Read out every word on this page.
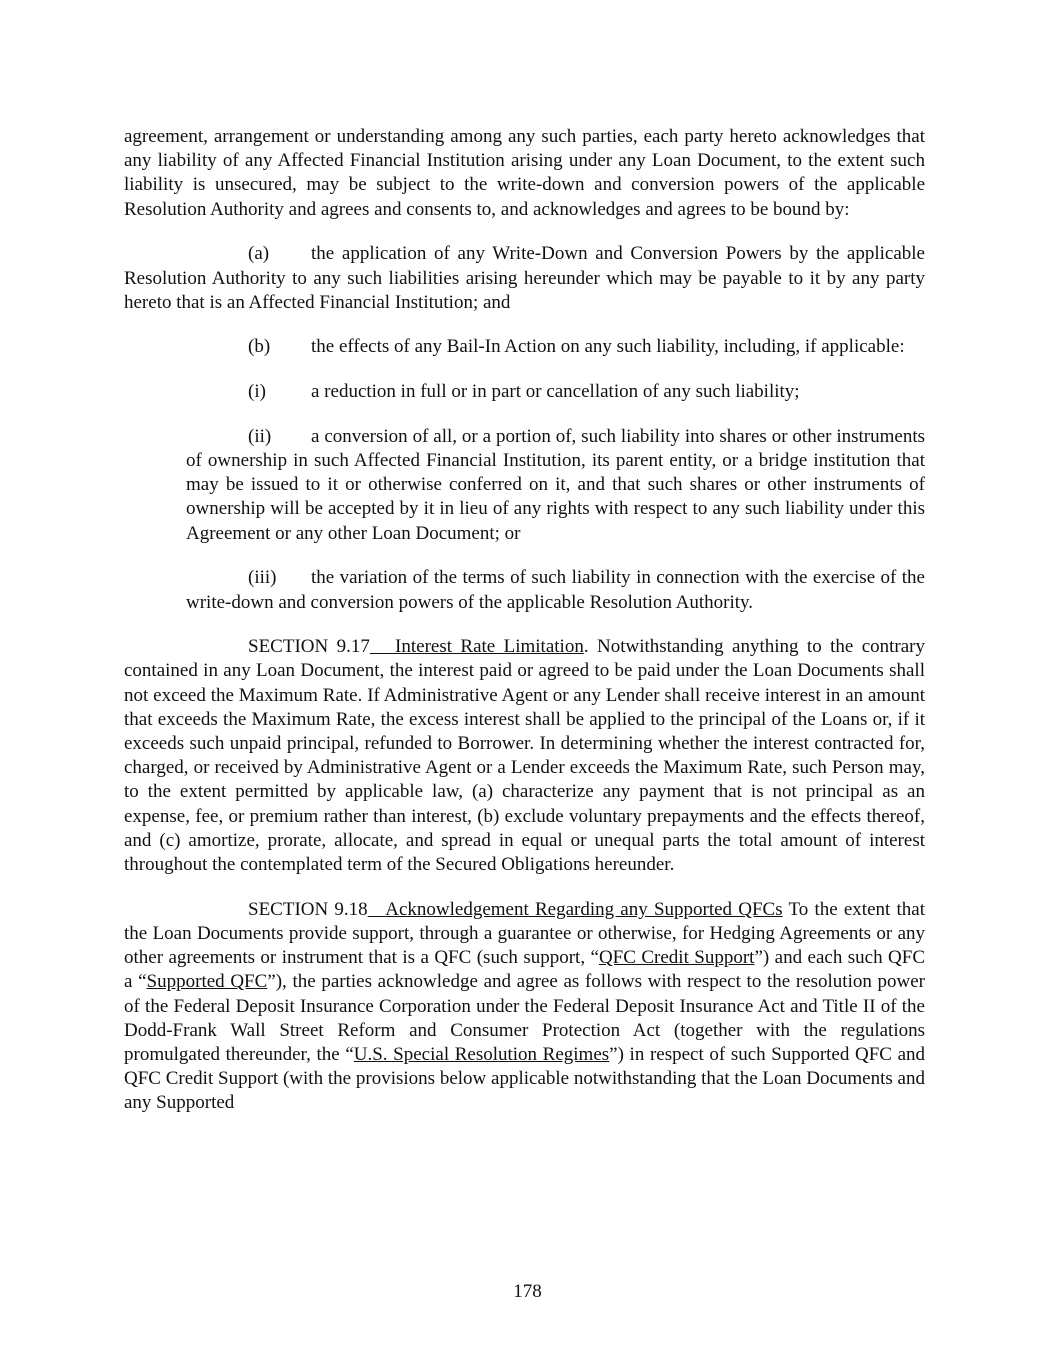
agreement, arrangement or understanding among any such parties, each party hereto acknowledges that any liability of any Affected Financial Institution arising under any Loan Document, to the extent such liability is unsecured, may be subject to the write-down and conversion powers of the applicable Resolution Authority and agrees and consents to, and acknowledges and agrees to be bound by:

(a) the application of any Write-Down and Conversion Powers by the applicable Resolution Authority to any such liabilities arising hereunder which may be payable to it by any party hereto that is an Affected Financial Institution; and

(b) the effects of any Bail-In Action on any such liability, including, if applicable:

(i) a reduction in full or in part or cancellation of any such liability;

(ii) a conversion of all, or a portion of, such liability into shares or other instruments of ownership in such Affected Financial Institution, its parent entity, or a bridge institution that may be issued to it or otherwise conferred on it, and that such shares or other instruments of ownership will be accepted by it in lieu of any rights with respect to any such liability under this Agreement or any other Loan Document; or

(iii) the variation of the terms of such liability in connection with the exercise of the write-down and conversion powers of the applicable Resolution Authority.

SECTION 9.17 Interest Rate Limitation. Notwithstanding anything to the contrary contained in any Loan Document, the interest paid or agreed to be paid under the Loan Documents shall not exceed the Maximum Rate. If Administrative Agent or any Lender shall receive interest in an amount that exceeds the Maximum Rate, the excess interest shall be applied to the principal of the Loans or, if it exceeds such unpaid principal, refunded to Borrower. In determining whether the interest contracted for, charged, or received by Administrative Agent or a Lender exceeds the Maximum Rate, such Person may, to the extent permitted by applicable law, (a) characterize any payment that is not principal as an expense, fee, or premium rather than interest, (b) exclude voluntary prepayments and the effects thereof, and (c) amortize, prorate, allocate, and spread in equal or unequal parts the total amount of interest throughout the contemplated term of the Secured Obligations hereunder.

SECTION 9.18 Acknowledgement Regarding any Supported QFCs To the extent that the Loan Documents provide support, through a guarantee or otherwise, for Hedging Agreements or any other agreements or instrument that is a QFC (such support, “QFC Credit Support”) and each such QFC a “Supported QFC”), the parties acknowledge and agree as follows with respect to the resolution power of the Federal Deposit Insurance Corporation under the Federal Deposit Insurance Act and Title II of the Dodd-Frank Wall Street Reform and Consumer Protection Act (together with the regulations promulgated thereunder, the “U.S. Special Resolution Regimes”) in respect of such Supported QFC and QFC Credit Support (with the provisions below applicable notwithstanding that the Loan Documents and any Supported

178
